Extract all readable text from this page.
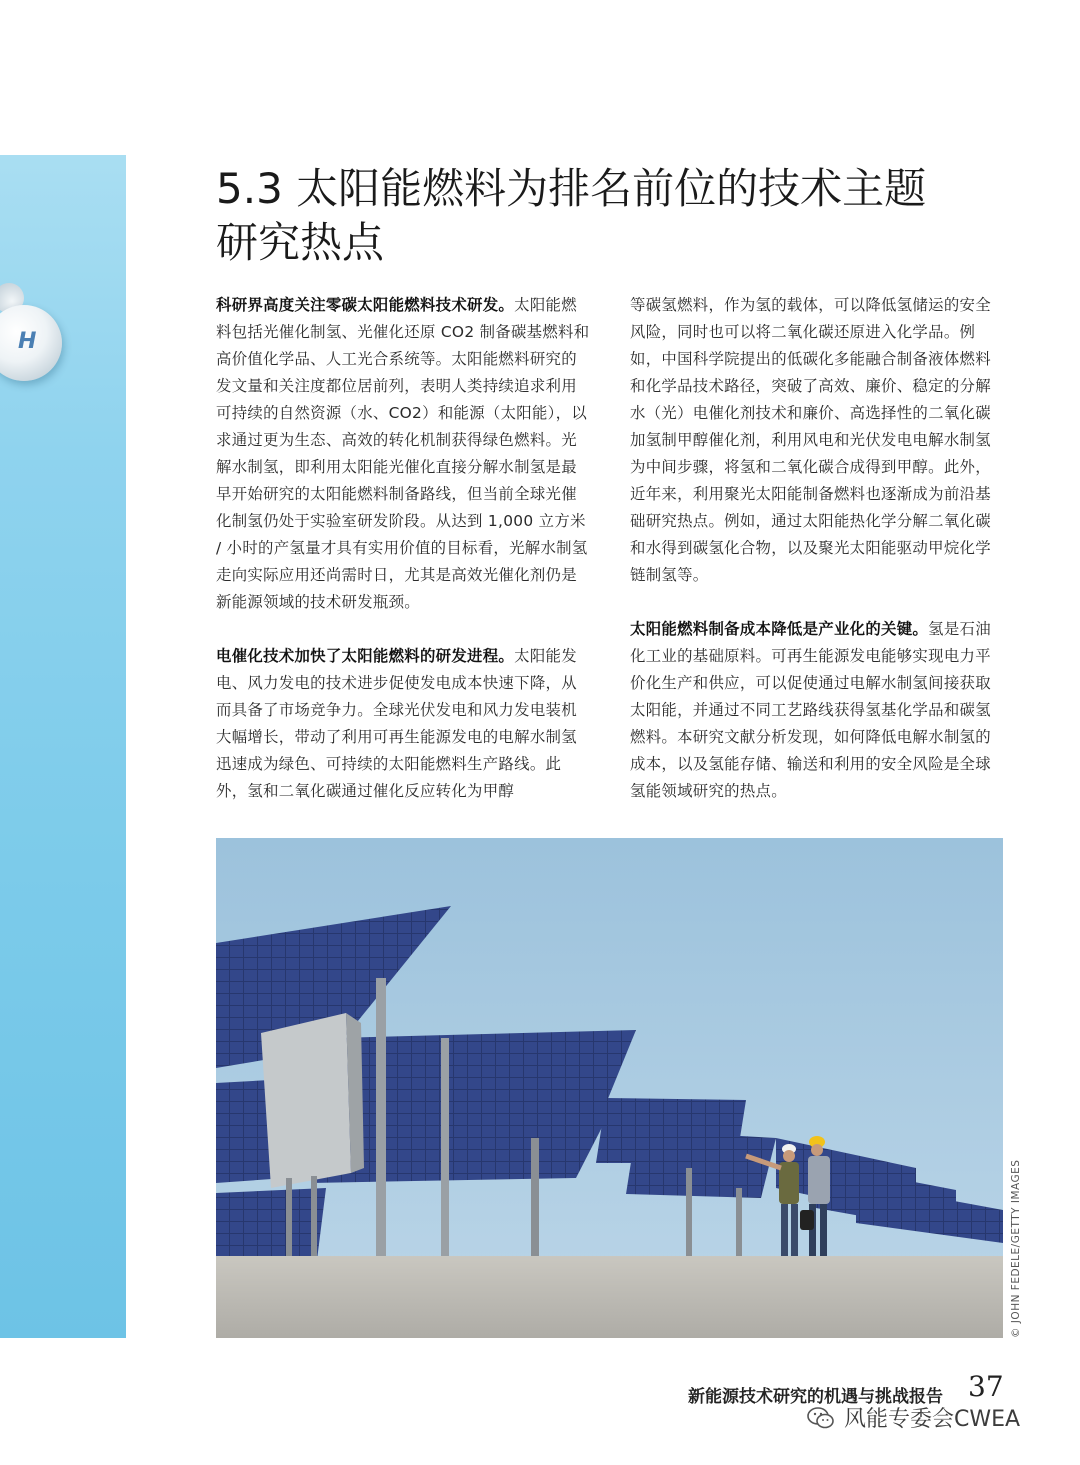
H
5.3 太阳能燃料为排名前位的技术主题
研究热点

科研界高度关注零碳太阳能燃料技术研发。太阳能燃料包括光催化制氢、光催化还原 CO2 制备碳基燃料和高价值化学品、人工光合系统等。太阳能燃料研究的发文量和关注度都位居前列，表明人类持续追求利用可持续的自然资源（水、CO2）和能源（太阳能），以求通过更为生态、高效的转化机制获得绿色燃料。光解水制氢，即利用太阳能光催化直接分解水制氢是最早开始研究的太阳能燃料制备路线，但当前全球光催化制氢仍处于实验室研发阶段。从达到 1,000 立方米 / 小时的产氢量才具有实用价值的目标看，光解水制氢走向实际应用还尚需时日，尤其是高效光催化剂仍是新能源领域的技术研发瓶颈。

电催化技术加快了太阳能燃料的研发进程。太阳能发电、风力发电的技术进步促使发电成本快速下降，从而具备了市场竞争力。全球光伏发电和风力发电装机大幅增长，带动了利用可再生能源发电的电解水制氢迅速成为绿色、可持续的太阳能燃料生产路线。此外，氢和二氧化碳通过催化反应转化为甲醇

等碳氢燃料，作为氢的载体，可以降低氢储运的安全风险，同时也可以将二氧化碳还原进入化学品。例如，中国科学院提出的低碳化多能融合制备液体燃料和化学品技术路径，突破了高效、廉价、稳定的分解水（光）电催化剂技术和廉价、高选择性的二氧化碳加氢制甲醇催化剂，利用风电和光伏发电电解水制氢为中间步骤，将氢和二氧化碳合成得到甲醇。此外，近年来，利用聚光太阳能制备燃料也逐渐成为前沿基础研究热点。例如，通过太阳能热化学分解二氧化碳和水得到碳氢化合物，以及聚光太阳能驱动甲烷化学链制氢等。

太阳能燃料制备成本降低是产业化的关键。氢是石油化工业的基础原料。可再生能源发电能够实现电力平价化生产和供应，可以促使通过电解水制氢间接获取太阳能，并通过不同工艺路线获得氢基化学品和碳氢燃料。本研究文献分析发现，如何降低电解水制氢的成本，以及氢能存储、输送和利用的安全风险是全球氢能领域研究的热点。

© JOHN FEDELE/GETTY IMAGES
新能源技术研究的机遇与挑战报告 37
风能专委会CWEA
